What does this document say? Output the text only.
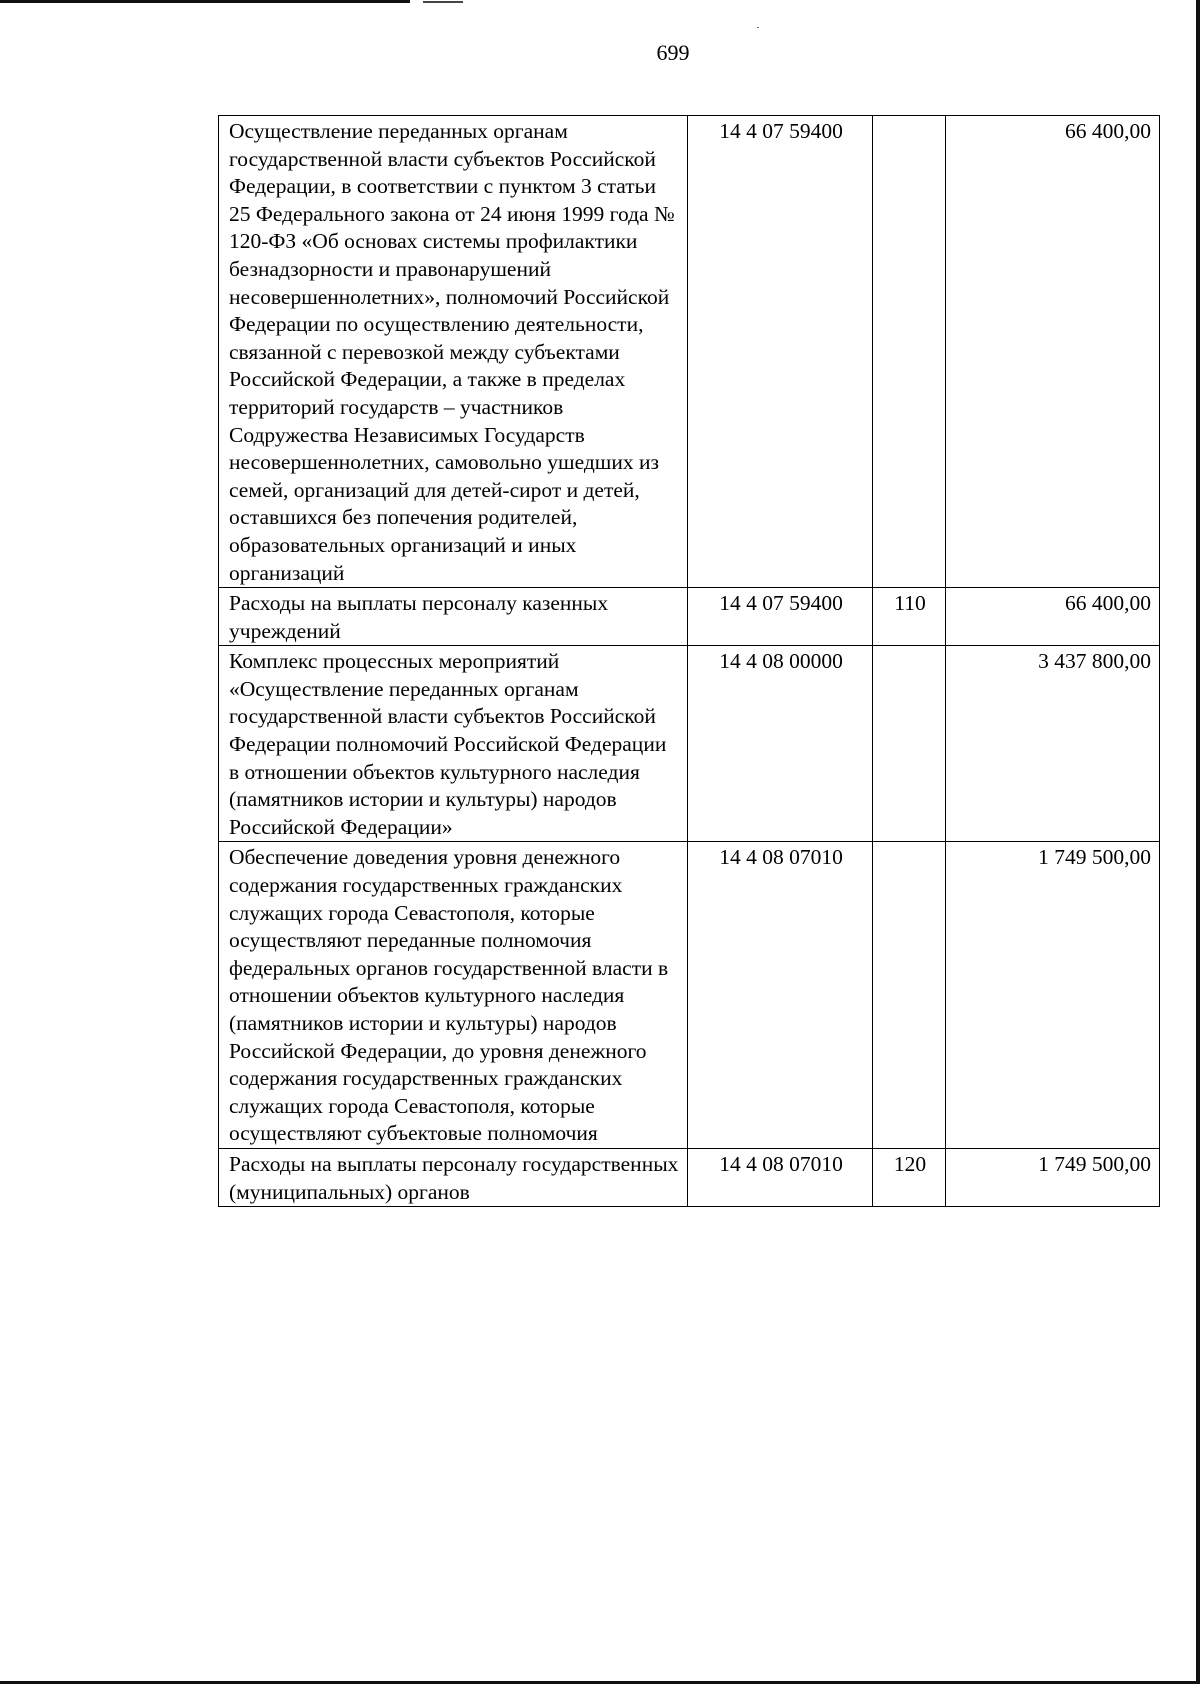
699
Осуществление переданных органам государственной власти субъектов Российской Федерации, в соответствии с пунктом 3 статьи 25 Федерального закона от 24 июня 1999 года № 120-ФЗ «Об основах системы профилактики безнадзорности и правонарушений несовершеннолетних», полномочий Российской Федерации по осуществлению деятельности, связанной с перевозкой между субъектами Российской Федерации, а также в пределах территорий государств – участников Содружества Независимых Государств несовершеннолетних, самовольно ушедших из семей, организаций для детей-сирот и детей, оставшихся без попечения родителей, образовательных организаций и иных организаций	14 4 07 59400		66 400,00
Расходы на выплаты персоналу казенных учреждений	14 4 07 59400	110	66 400,00
Комплекс процессных мероприятий «Осуществление переданных органам государственной власти субъектов Российской Федерации полномочий Российской Федерации в отношении объектов культурного наследия (памятников истории и культуры) народов Российской Федерации»	14 4 08 00000		3 437 800,00
Обеспечение доведения уровня денежного содержания государственных гражданских служащих города Севастополя, которые осуществляют переданные полномочия федеральных органов государственной власти в отношении объектов культурного наследия (памятников истории и культуры) народов Российской Федерации, до уровня денежного содержания государственных гражданских служащих города Севастополя, которые осуществляют субъектовые полномочия	14 4 08 07010		1 749 500,00
Расходы на выплаты персоналу государственных (муниципальных) органов	14 4 08 07010	120	1 749 500,00
